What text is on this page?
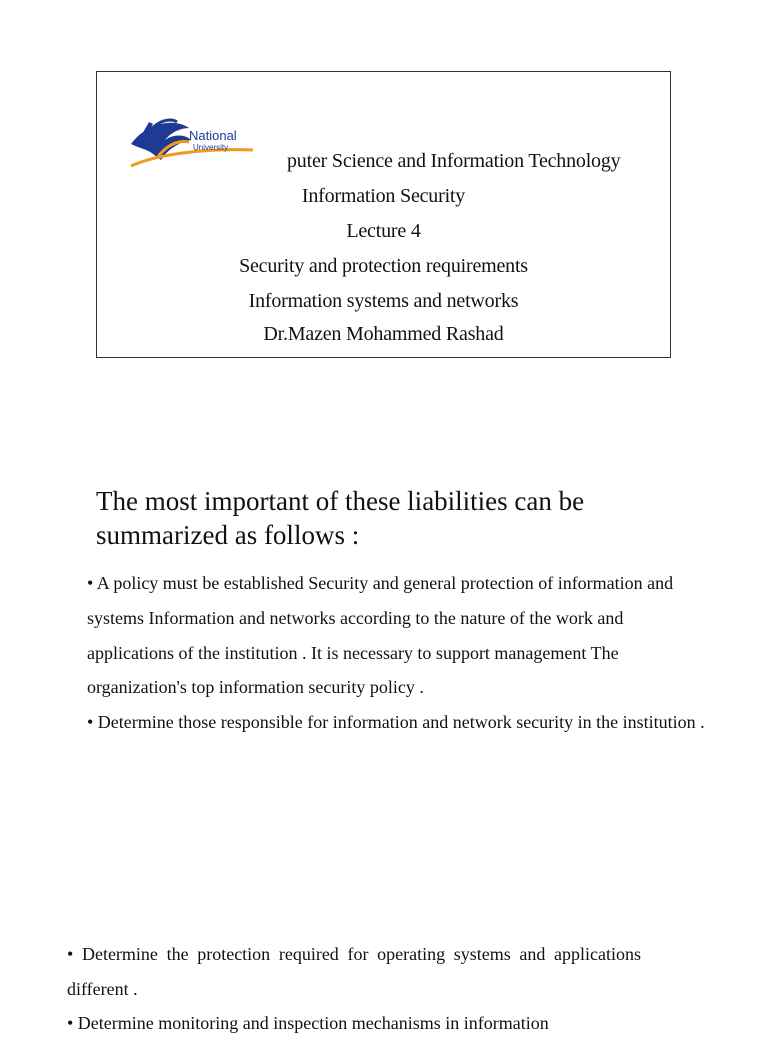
National
University
puter Science and Information Technology
Information Security
Lecture 4
Security and protection requirements
Information systems and networks
Dr.Mazen Mohammed Rashad
The most important of these liabilities can be summarized as follows :
• A policy must be established Security and general protection of information and systems Information and networks according to the nature of the work and applications of the institution . It is necessary to support management The organization's top information security policy .
• Determine those responsible for information and network security in the institution .
• Determine the protection required for operating systems and applications different .
• Determine monitoring and inspection mechanisms in information
